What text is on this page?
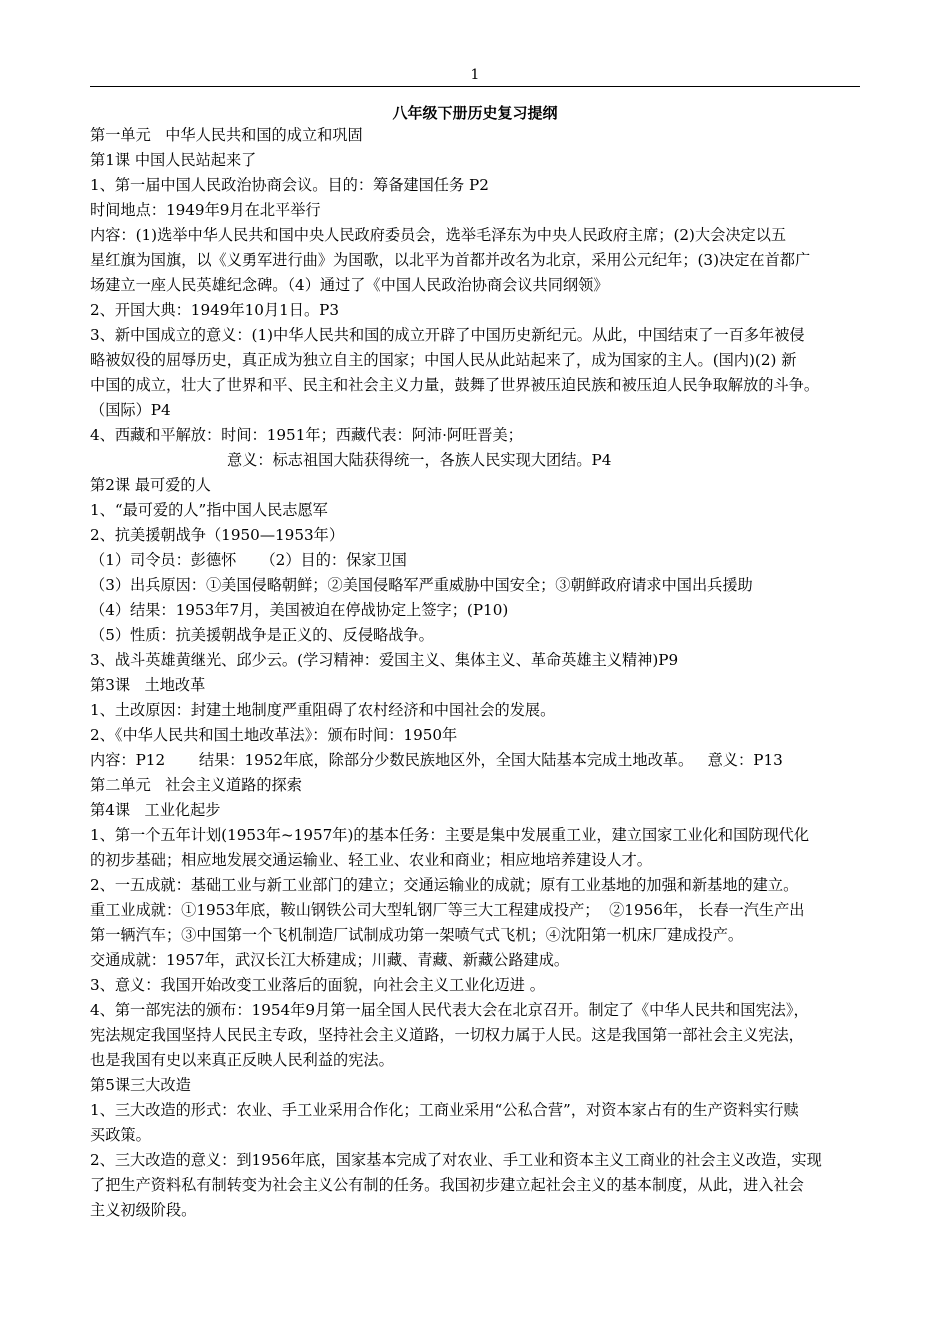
1
八年级下册历史复习提纲
第一单元   中华人民共和国的成立和巩固
第1课 中国人民站起来了
1、第一届中国人民政治协商会议。目的：筹备建国任务 P2
时间地点：1949年9月在北平举行
内容：(1)选举中华人民共和国中央人民政府委员会，选举毛泽东为中央人民政府主席；(2)大会决定以五
星红旗为国旗，以《义勇军进行曲》为国歌，以北平为首都并改名为北京，采用公元纪年；(3)决定在首都广
场建立一座人民英雄纪念碑。（4）通过了《中国人民政治协商会议共同纲领》
2、开国大典：1949年10月1日。P3
3、新中国成立的意义：(1)中华人民共和国的成立开辟了中国历史新纪元。从此，中国结束了一百多年被侵
略被奴役的屈辱历史，真正成为独立自主的国家；中国人民从此站起来了，成为国家的主人。(国内)(2) 新
中国的成立，壮大了世界和平、民主和社会主义力量，鼓舞了世界被压迫民族和被压迫人民争取解放的斗争。
（国际）P4
4、西藏和平解放：时间：1951年；西藏代表：阿沛·阿旺晋美；
意义：标志祖国大陆获得统一，各族人民实现大团结。P4
第2课 最可爱的人
1、“最可爱的人”指中国人民志愿军
2、抗美援朝战争（1950—1953年）
（1）司令员：彭德怀     （2）目的：保家卫国
（3）出兵原因：①美国侵略朝鲜；②美国侵略军严重威胁中国安全；③朝鲜政府请求中国出兵援助
（4）结果：1953年7月，美国被迫在停战协定上签字；(P10)
（5）性质：抗美援朝战争是正义的、反侵略战争。
3、战斗英雄黄继光、邱少云。(学习精神：爱国主义、集体主义、革命英雄主义精神)P9
第3课   土地改革
1、土改原因：封建土地制度严重阻碍了农村经济和中国社会的发展。
2、《中华人民共和国土地改革法》：颁布时间：1950年
内容：P12       结果：1952年底，除部分少数民族地区外，全国大陆基本完成土地改革。   意义：P13
第二单元   社会主义道路的探索
第4课   工业化起步
1、第一个五年计划(1953年~1957年)的基本任务：主要是集中发展重工业，建立国家工业化和国防现代化
的初步基础；相应地发展交通运输业、轻工业、农业和商业；相应地培养建设人才。
2、一五成就：基础工业与新工业部门的建立；交通运输业的成就；原有工业基地的加强和新基地的建立。
重工业成就：①1953年底，鞍山钢铁公司大型轧钢厂等三大工程建成投产；  ②1956年， 长春一汽生产出
第一辆汽车；③中国第一个飞机制造厂试制成功第一架喷气式飞机；④沈阳第一机床厂建成投产。
交通成就：1957年，武汉长江大桥建成；川藏、青藏、新藏公路建成。
3、意义：我国开始改变工业落后的面貌，向社会主义工业化迈进 。
4、第一部宪法的颁布：1954年9月第一届全国人民代表大会在北京召开。制定了《中华人民共和国宪法》，
宪法规定我国坚持人民民主专政，坚持社会主义道路，一切权力属于人民。这是我国第一部社会主义宪法，
也是我国有史以来真正反映人民利益的宪法。
第5课三大改造
1、三大改造的形式：农业、手工业采用合作化；工商业采用“公私合营”，对资本家占有的生产资料实行赎
买政策。
2、三大改造的意义：到1956年底，国家基本完成了对农业、手工业和资本主义工商业的社会主义改造，实现
了把生产资料私有制转变为社会主义公有制的任务。我国初步建立起社会主义的基本制度，从此，进入社会
主义初级阶段。
